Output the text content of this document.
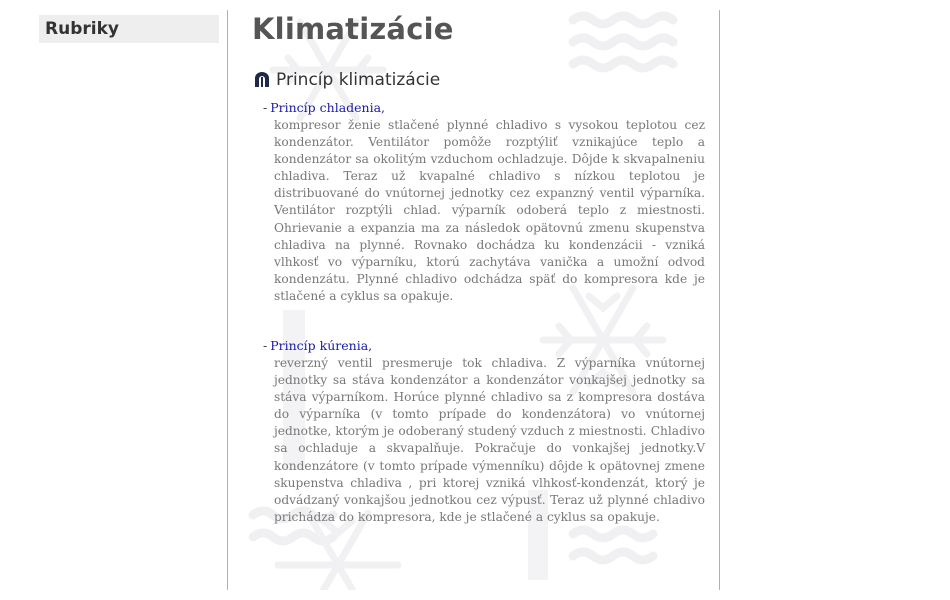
Rubriky	Klimatizácie
Princíp klimatizácie
- Princíp chladenia,

kompresor ženie stlačené plynné chladivo s vysokou teplotou cez kondenzátor. Ventilátor pomôže rozptýliť vznikajúce teplo a kondenzátor sa okolitým vzduchom ochladzuje. Dôjde k skvapalneniu chladiva. Teraz už kvapalné chladivo s nízkou teplotou je distribuované do vnútornej jednotky cez expanzný ventil výparníka. Ventilátor rozptýli chlad. výparník odoberá teplo z miestnosti. Ohrievanie a expanzia ma za následok opätovnú zmenu skupenstva chladiva na plynné. Rovnako dochádza ku kondenzácii - vzniká vlhkosť vo výparníku, ktorú zachytáva vanička a umožní odvod kondenzátu. Plynné chladivo odchádza späť do kompresora kde je stlačené a cyklus sa opakuje.

- Princíp kúrenia,

reverzný ventil presmeruje tok chladiva. Z výparníka vnútornej jednotky sa stáva kondenzátor a kondenzátor vonkajšej jednotky sa stáva výparníkom. Horúce plynné chladivo sa z kompresora dostáva do výparníka (v tomto prípade do kondenzátora) vo vnútornej jednotke, ktorým je odoberaný studený vzduch z miestnosti. Chladivo sa ochladuje a skvapalňuje. Pokračuje do vonkajšej jednotky.V kondenzátore (v tomto prípade výmenníku) dôjde k opätovnej zmene skupenstva chladiva , pri ktorej vzniká vlhkosť-kondenzát, ktorý je odvádzaný vonkajšou jednotkou cez výpusť. Teraz už plynné chladivo prichádza do kompresora, kde je stlačené a cyklus sa opakuje.
